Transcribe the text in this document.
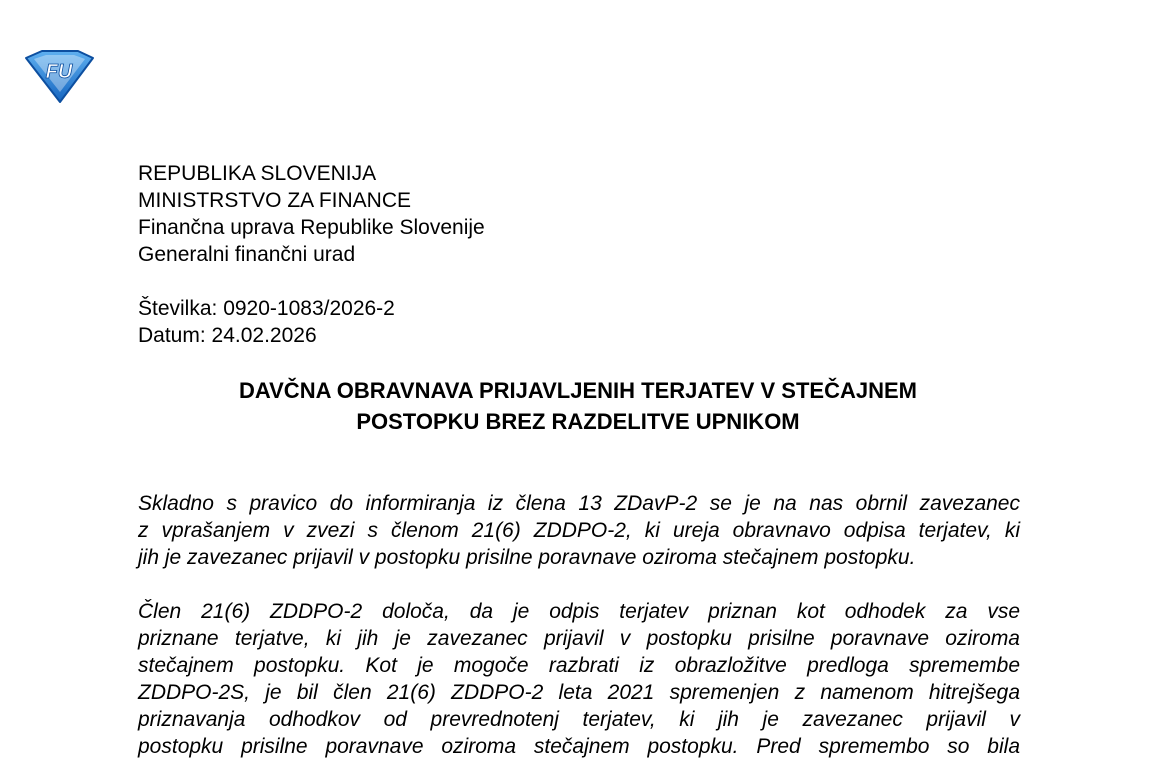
FU
REPUBLIKA SLOVENIJA
MINISTRSTVO ZA FINANCE
Finančna uprava Republike Slovenije
Generalni finančni urad
Številka: 0920-1083/2026-2
Datum: 24.02.2026
DAVČNA OBRAVNAVA PRIJAVLJENIH TERJATEV V STEČAJNEM
POSTOPKU BREZ RAZDELITVE UPNIKOM
Skladno s pravico do informiranja iz člena 13 ZDavP-2 se je na nas obrnil zavezanec
z vprašanjem v zvezi s členom 21(6) ZDDPO-2, ki ureja obravnavo odpisa terjatev, ki
jih je zavezanec prijavil v postopku prisilne poravnave oziroma stečajnem postopku.
Člen 21(6) ZDDPO-2 določa, da je odpis terjatev priznan kot odhodek za vse
priznane terjatve, ki jih je zavezanec prijavil v postopku prisilne poravnave oziroma
stečajnem postopku. Kot je mogoče razbrati iz obrazložitve predloga spremembe
ZDDPO-2S, je bil člen 21(6) ZDDPO-2 leta 2021 spremenjen z namenom hitrejšega
priznavanja odhodkov od prevrednotenj terjatev, ki jih je zavezanec prijavil v
postopku prisilne poravnave oziroma stečajnem postopku. Pred spremembo so bila
